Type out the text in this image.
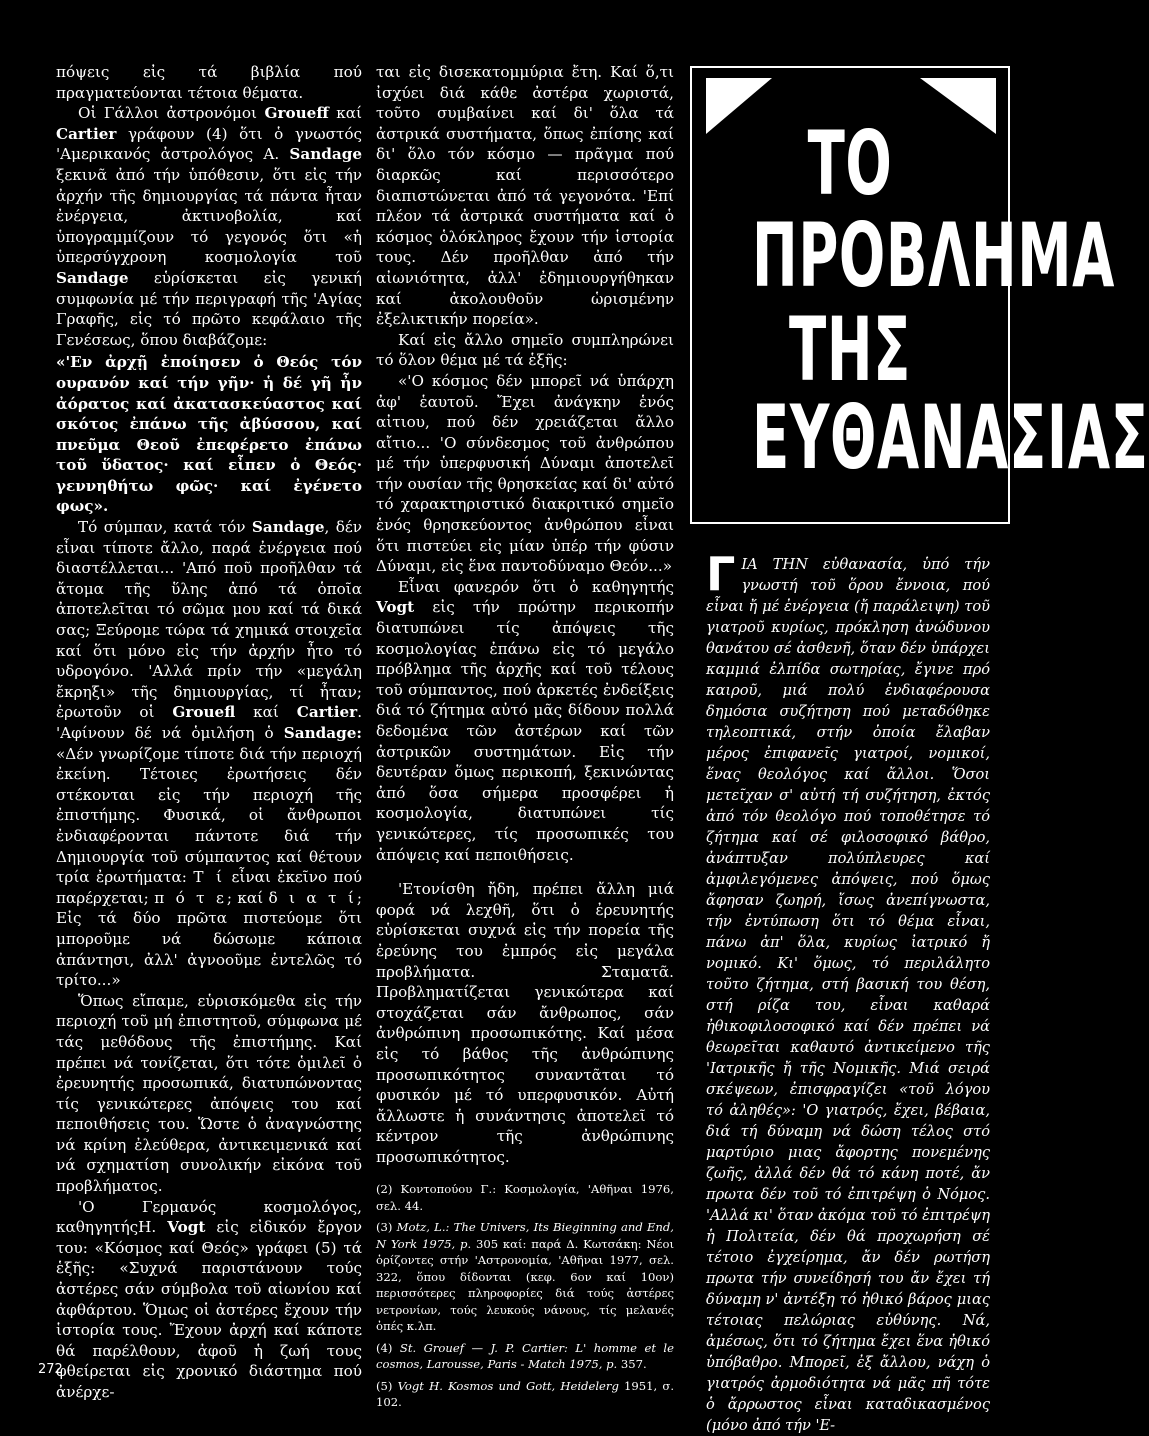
πόψεις εἰς τά βιβλία πού πραγματεύονται τέτοια θέματα.

Οἱ Γάλλοι ἀστρονόμοι Groueff καί Cartier γράφουν (4) ὅτι ὁ γνωστός 'Αμερικανός ἀστρολόγος Α. Sandage ξεκινᾶ ἀπό τήν ὑπόθεσιν, ὅτι εἰς τήν ἀρχήν τῆς δημιουργίας τά πάντα ἦταν ἐνέργεια, ἀκτινοβολία, καί ὑπογραμμίζουν τό γεγονός ὅτι «ἡ ὑπερσύγχρονη κοσμολογία τοῦ Sandage εὑρίσκεται εἰς γενική συμφωνία μέ τήν περιγραφή τῆς 'Αγίας Γραφῆς, εἰς τό πρῶτο κεφάλαιο τῆς Γενέσεως, ὅπου διαβάζομε:

«'Εν ἀρχῇ ἐποίησεν ὁ Θεός τόν ουρανόν καί τήν γῆν· ἡ δέ γῆ ἦν ἀόρατος καί ἀκατασκεύαστος καί σκότος ἐπάνω τῆς ἀβύσσου, καί πνεῦμα Θεοῦ ἐπεφέρετο ἐπάνω τοῦ ὕδατος· καί εἶπεν ὁ Θεός· γεννηθήτω φῶς· καί ἐγένετο φως».

Τό σύμπαν, κατά τόν Sandage, δέν εἶναι τίποτε ἄλλο, παρά ἐνέργεια πού διαστέλλεται... 'Από ποῦ προῆλθαν τά ἄτομα τῆς ὕλης ἀπό τά ὁποῖα ἀποτελεῖται τό σῶμα μου καί τά δικά σας; Ξεύρομε τώρα τά χημικά στοιχεῖα καί ὅτι μόνο εἰς τήν ἀρχήν ἦτο τό υδρογόνο. 'Αλλά πρίν τήν «μεγάλη ἔκρηξι» τῆς δημιουργίας, τί ἦταν; ἐρωτοῦν οἱ Grouefl καί Cartier. 'Αφίνουν δέ νά ὁμιλήση ὁ Sandage: «Δέν γνωρίζομε τίποτε διά τήν περιοχή ἐκείνη. Τέτοιες ἐρωτήσεις δέν στέκονται εἰς τήν περιοχή τῆς ἐπιστήμης. Φυσικά, οἱ ἄνθρωποι ἐνδιαφέρονται πάντοτε διά τήν Δημιουργία τοῦ σύμπαντος καί θέτουν τρία ἐρωτήματα: Τ ί εἶναι ἐκεῖνο πού παρέρχεται; π ό τ ε; καί δ ι α τ ί; Εἰς τά δύο πρῶτα πιστεύομε ὅτι μποροῦμε νά δώσωμε κάποια ἀπάντησι, ἀλλ' ἀγνοοῦμε ἐντελῶς τό τρίτο...»

Ὅπως εἴπαμε, εὑρισκόμεθα εἰς τήν περιοχή τοῦ μή ἐπιστητοῦ, σύμφωνα μέ τάς μεθόδους τῆς ἐπιστήμης. Καί πρέπει νά τονίζεται, ὅτι τότε ὁμιλεῖ ὁ ἐρευνητής προσωπικά, διατυπώνοντας τίς γενικώτερες ἀπόψεις του καί πεποιθήσεις του. Ὥστε ὁ ἀναγνώστης νά κρίνη ἐλεύθερα, ἀντικειμενικά καί νά σχηματίση συνολικήν εἰκόνα τοῦ προβλήματος.

'Ο Γερμανός κοσμολόγος, καθηγητήςΗ. Vogt εἰς εἰδικόν ἔργον του: «Κόσμος καί Θεός» γράφει (5) τά ἑξῆς: «Συχνά παριστάνουν τούς ἀστέρες σάν σύμβολα τοῦ αἰωνίου καί ἀφθάρτου. Ὅμως οἱ ἀστέρες ἔχουν τήν ἱστορία τους. Ἔχουν ἀρχή καί κάποτε θά παρέλθουν, ἀφοῦ ἡ ζωή τους φθείρεται εἰς χρονικό διάστημα πού ἀνέρχε-

ται εἰς δισεκατομμύρια ἔτη. Καί ὅ,τι ἰσχύει διά κάθε ἀστέρα χωριστά, τοῦτο συμβαίνει καί δι' ὅλα τά ἀστρικά συστήματα, ὅπως ἐπίσης καί δι' ὅλο τόν κόσμο — πρᾶγμα πού διαρκῶς καί περισσότερο διαπιστώνεται ἀπό τά γεγονότα. 'Επί πλέον τά ἀστρικά συστήματα καί ὁ κόσμος ὁλόκληρος ἔχουν τήν ἱστορία τους. Δέν προῆλθαν ἀπό τήν αἰωνιότητα, ἀλλ' ἐδημιουργήθηκαν καί ἀκολουθοῦν ὡρισμένην ἐξελικτικήν πορεία».

Καί εἰς ἄλλο σημεῖο συμπληρώνει τό ὅλον θέμα μέ τά ἑξῆς:

«'Ο κόσμος δέν μπορεῖ νά ὑπάρχη ἀφ' ἑαυτοῦ. Ἔχει ἀνάγκην ἑνός αἰτιου, πού δέν χρειάζεται ἄλλο αἴτιο... 'Ο σύνδεσμος τοῦ ἀνθρώπου μέ τήν ὑπερφυσική Δύναμι ἀποτελεῖ τήν ουσίαν τῆς θρησκείας καί δι' αὐτό τό χαρακτηριστικό διακριτικό σημεῖο ἑνός θρησκεύοντος ἀνθρώπου εἶναι ὅτι πιστεύει εἰς μίαν ὑπέρ τήν φύσιν Δύναμι, εἰς ἕνα παντοδύναμο Θεόν...»

Εἶναι φανερόν ὅτι ὁ καθηγητής Vogt εἰς τήν πρώτην περικοπήν διατυπώνει τίς ἀπόψεις τῆς κοσμολογίας ἐπάνω εἰς τό μεγάλο πρόβλημα τῆς ἀρχῆς καί τοῦ τέλους τοῦ σύμπαντος, πού ἀρκετές ἐνδείξεις διά τό ζήτημα αὐτό μᾶς δίδουν πολλά δεδομένα τῶν ἀστέρων καί τῶν ἀστρικῶν συστημάτων. Εἰς τήν δευτέραν ὅμως περικοπή, ξεκινώντας ἀπό ὅσα σήμερα προσφέρει ἡ κοσμολογία, διατυπώνει τίς γενικώτερες, τίς προσωπικές του ἀπόψεις καί πεποιθήσεις.

'Ετονίσθη ἤδη, πρέπει ἄλλη μιά φορά νά λεχθῆ, ὅτι ὁ ἐρευνητής εὑρίσκεται συχνά εἰς τήν πορεία τῆς ἐρεύνης του ἐμπρός εἰς μεγάλα προβλήματα. Σταματᾶ. Προβληματίζεται γενικώτερα καί στοχάζεται σάν ἄνθρωπος, σάν ἀνθρώπινη προσωπικότης. Καί μέσα εἰς τό βάθος τῆς ἀνθρώπινης προσωπικότητος συναντᾶται τό φυσικόν μέ τό υπερφυσικόν. Αὐτή ἄλλωστε ἡ συνάντησις ἀποτελεῖ τό κέντρον τῆς ἀνθρώπινης προσωπικότητος.

(2) Κοντοπούου Γ.: Κοσμολογία, 'Αθῆναι 1976, σελ. 44.

(3) Motz, L.: The Univers, Its Bieginning and End, N York 1975, p. 305 καί: παρά Δ. Κωτσάκη: Νέοι ὁρίζοντες στήν 'Αστρονομία, 'Αθῆναι 1977, σελ. 322, ὅπου δίδονται (κεφ. 6ον καί 10ον) περισσότερες πληροφορίες διά τούς ἀστέρες νετρονίων, τούς λευκούς νάνους, τίς μελανές ὀπές κ.λπ.

(4) St. Grouef — J. P. Cartier: L' homme et le cosmos, Larousse, Paris - Match 1975, p. 357.

(5) Vogt H. Kosmos und Gott, Heidelerg 1951, σ. 102.

ΤΟ
ΠΡΟΒΛΗΜΑ
ΤΗΣ
ΕΥΘΑΝΑΣΙΑΣ
Γ ΙΑ ΤΗΝ εὐθανασία, ὑπό τήν γνωστή τοῦ ὅρου ἔννοια, πού εἶναι ἤ μέ ἐνέργεια (ἤ παράλειψη) τοῦ γιατροῦ κυρίως, πρόκληση ἀνώδυνου θανάτου σέ ἀσθενῆ, ὅταν δέν ὑπάρχει καμμιά ἐλπίδα σωτηρίας, ἔγινε πρό καιροῦ, μιά πολύ ἐνδιαφέρουσα δημόσια συζήτηση πού μεταδόθηκε τηλεοπτικά, στήν ὁποία ἔλαβαν μέρος ἐπιφανεῖς γιατροί, νομικοί, ἕνας θεολόγος καί ἄλλοι. Ὅσοι μετεῖχαν σ' αὐτή τή συζήτηση, ἐκτός ἀπό τόν θεολόγο πού τοποθέτησε τό ζήτημα καί σέ φιλοσοφικό βάθρο, ἀνάπτυξαν πολύπλευρες καί ἀμφιλεγόμενες ἀπόψεις, πού ὅμως ἄφησαν ζωηρή, ἴσως ἀνεπίγνωστα, τήν ἐντύπωση ὅτι τό θέμα εἶναι, πάνω ἀπ' ὅλα, κυρίως ἰατρικό ἤ νομικό. Κι' ὅμως, τό περιλάλητο τοῦτο ζήτημα, στή βασική του θέση, στή ρίζα του, εἶναι καθαρά ἠθικοφιλοσοφικό καί δέν πρέπει νά θεωρεῖται καθαυτό ἀντικείμενο τῆς 'Ιατρικῆς ἤ τῆς Νομικῆς. Μιά σειρά σκέψεων, ἐπισφραγίζει «τοῦ λόγου τό ἀληθές»: 'Ο γιατρός, ἔχει, βέβαια, διά τή δύναμη νά δώση τέλος στό μαρτύριο μιας ἄφορτης πονεμένης ζωῆς, ἀλλά δέν θά τό κάνη ποτέ, ἄν πρωτα δέν τοῦ τό ἐπιτρέψη ὁ Νόμος. 'Αλλά κι' ὅταν ἀκόμα τοῦ τό ἐπιτρέψη ἡ Πολιτεία, δέν θά προχωρήση σέ τέτοιο ἐγχείρημα, ἄν δέν ρωτήση πρωτα τήν συνείδησή του ἄν ἔχει τή δύναμη ν' ἀντέξη τό ἠθικό βάρος μιας τέτοιας πελώριας εὐθύνης. Νά, ἀμέσως, ὅτι τό ζήτημα ἔχει ἕνα ἠθικό ὑπόβαθρο. Μπορεῖ, ἐξ ἄλλου, νάχη ὁ γιατρός ἀρμοδιότητα νά μᾶς πῆ τότε ὁ ἄρρωστος εἶναι καταδικασμένος (μόνο ἀπό τήν 'Ε-
272
